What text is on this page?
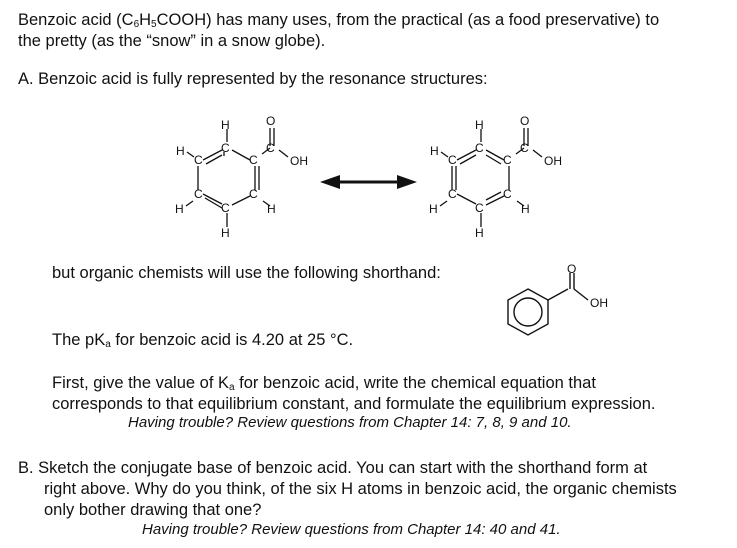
Benzoic acid $(C_6H_5COOH)$ has many uses, from the practical (as a food preservative) to
the pretty (as the “snow” in a snow globe).
A. Benzoic acid is fully represented by the resonance structures:
H
C
H
C	C
O
C
OH
C	C
H	H
C
H
H
C
H
C	C
O
C
OH
C	C
H	H
C
H
but organic chemists will use the following shorthand:	O
OH
The $pK_a$ for benzoic acid is 4.20 at 25 °C.
First, give the value of $K_a$ for benzoic acid, write the chemical equation that
corresponds to that equilibrium constant, and formulate the equilibrium expression.
Having trouble? Review questions from Chapter 14: 7, 8, 9 and 10.
B. Sketch the conjugate base of benzoic acid. You can start with the shorthand form at
right above. Why do you think, of the six H atoms in benzoic acid, the organic chemists
only bother drawing that one?
Having trouble? Review questions from Chapter 14: 40 and 41.
